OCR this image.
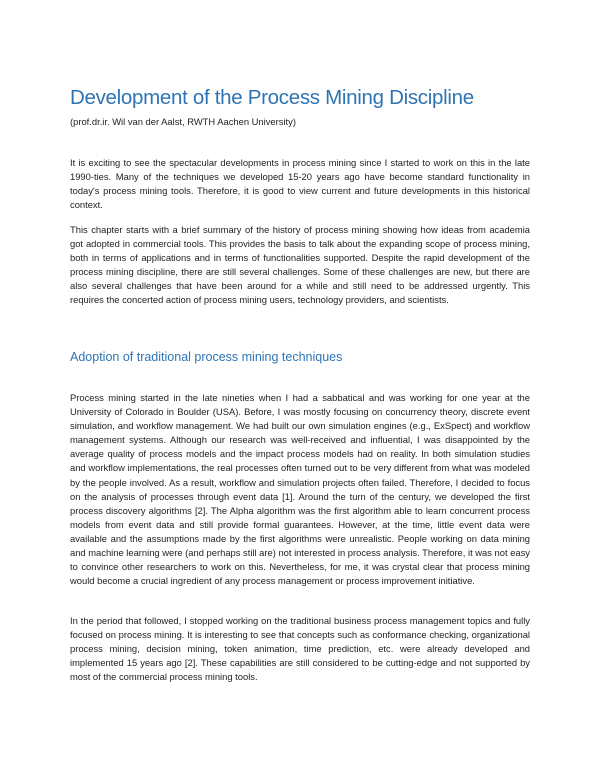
Development of the Process Mining Discipline
(prof.dr.ir. Wil van der Aalst, RWTH Aachen University)

It is exciting to see the spectacular developments in process mining since I started to work on this in the late 1990-ties. Many of the techniques we developed 15-20 years ago have become standard functionality in today's process mining tools. Therefore, it is good to view current and future developments in this historical context.

This chapter starts with a brief summary of the history of process mining showing how ideas from academia got adopted in commercial tools. This provides the basis to talk about the expanding scope of process mining, both in terms of applications and in terms of functionalities supported. Despite the rapid development of the process mining discipline, there are still several challenges. Some of these challenges are new, but there are also several challenges that have been around for a while and still need to be addressed urgently. This requires the concerted action of process mining users, technology providers, and scientists.

Adoption of traditional process mining techniques

Process mining started in the late nineties when I had a sabbatical and was working for one year at the University of Colorado in Boulder (USA). Before, I was mostly focusing on concurrency theory, discrete event simulation, and workflow management. We had built our own simulation engines (e.g., ExSpect) and workflow management systems. Although our research was well-received and influential, I was disappointed by the average quality of process models and the impact process models had on reality. In both simulation studies and workflow implementations, the real processes often turned out to be very different from what was modeled by the people involved. As a result, workflow and simulation projects often failed. Therefore, I decided to focus on the analysis of processes through event data [1]. Around the turn of the century, we developed the first process discovery algorithms [2]. The Alpha algorithm was the first algorithm able to learn concurrent process models from event data and still provide formal guarantees. However, at the time, little event data were available and the assumptions made by the first algorithms were unrealistic. People working on data mining and machine learning were (and perhaps still are) not interested in process analysis. Therefore, it was not easy to convince other researchers to work on this. Nevertheless, for me, it was crystal clear that process mining would become a crucial ingredient of any process management or process improvement initiative.

In the period that followed, I stopped working on the traditional business process management topics and fully focused on process mining. It is interesting to see that concepts such as conformance checking, organizational process mining, decision mining, token animation, time prediction, etc. were already developed and implemented 15 years ago [2]. These capabilities are still considered to be cutting-edge and not supported by most of the commercial process mining tools.
